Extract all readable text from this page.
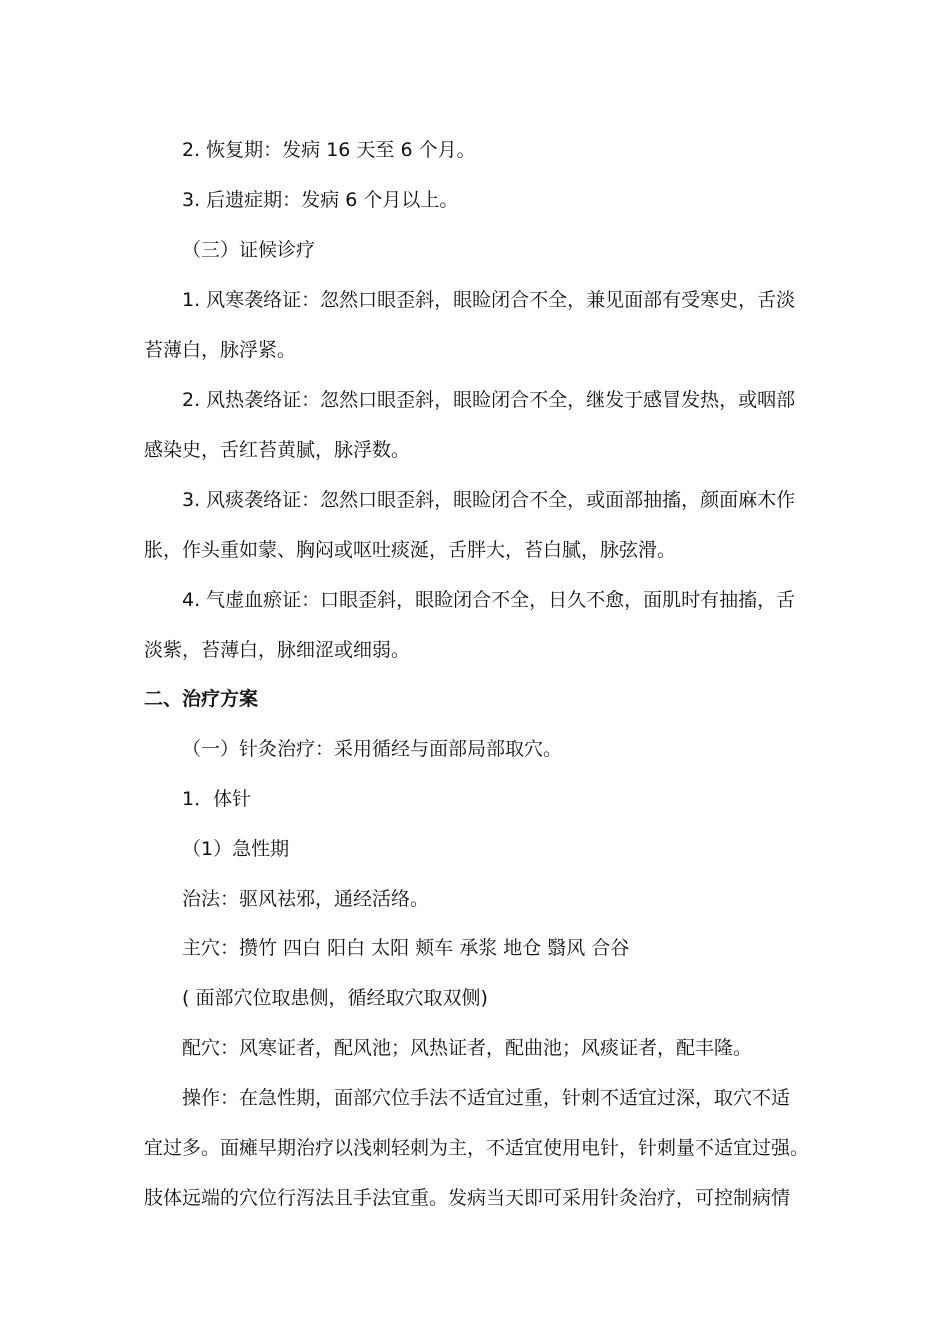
2. 恢复期：发病 16 天至 6 个月。
3. 后遗症期：发病 6 个月以上。
（三）证候诊疗
1. 风寒袭络证：忽然口眼歪斜，眼睑闭合不全，兼见面部有受寒史，舌淡
苔薄白，脉浮紧。
2. 风热袭络证：忽然口眼歪斜，眼睑闭合不全，继发于感冒发热，或咽部
感染史，舌红苔黄腻，脉浮数。
3. 风痰袭络证：忽然口眼歪斜，眼睑闭合不全，或面部抽搐，颜面麻木作
胀，作头重如蒙、胸闷或呕吐痰涎，舌胖大，苔白腻，脉弦滑。
4. 气虚血瘀证：口眼歪斜，眼睑闭合不全，日久不愈，面肌时有抽搐，舌
淡紫，苔薄白，脉细涩或细弱。
二、治疗方案
（一）针灸治疗：采用循经与面部局部取穴。
1．体针
（1）急性期
治法：驱风祛邪，通经活络。
主穴：攒竹 四白 阳白 太阳 颊车 承浆 地仓 翳风 合谷
( 面部穴位取患侧，循经取穴取双侧)
配穴：风寒证者，配风池；风热证者，配曲池；风痰证者，配丰隆。
操作：在急性期，面部穴位手法不适宜过重，针刺不适宜过深，取穴不适
宜过多。面瘫早期治疗以浅刺轻刺为主，不适宜使用电针，针刺量不适宜过强。
肢体远端的穴位行泻法且手法宜重。发病当天即可采用针灸治疗，可控制病情
